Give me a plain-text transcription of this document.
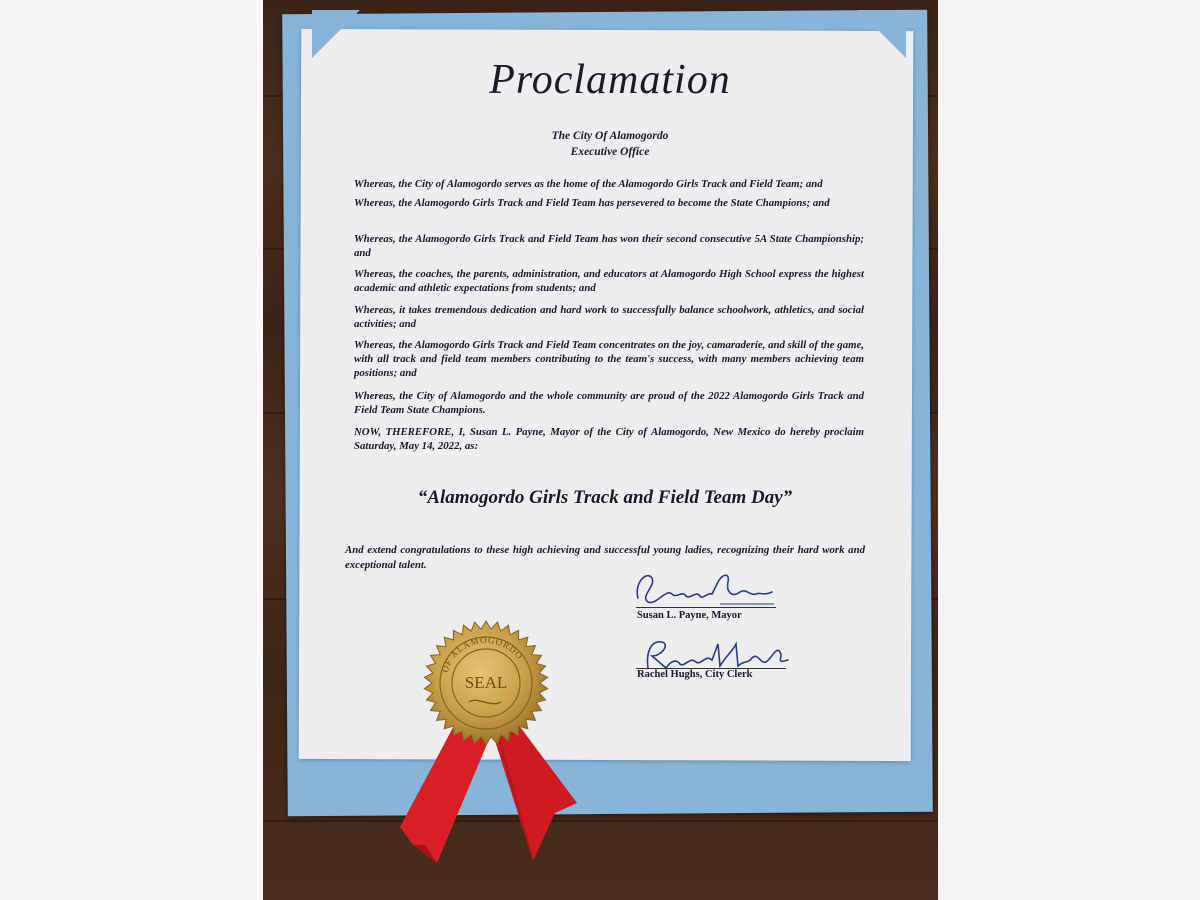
Proclamation
The City Of Alamogordo
Executive Office
Whereas, the City of Alamogordo serves as the home of the Alamogordo Girls Track and Field Team; and
Whereas, the Alamogordo Girls Track and Field Team has persevered to become the State Champions; and
Whereas, the Alamogordo Girls Track and Field Team has won their second consecutive 5A State Championship; and
Whereas, the coaches, the parents, administration, and educators at Alamogordo High School express the highest academic and athletic expectations from students; and
Whereas, it takes tremendous dedication and hard work to successfully balance schoolwork, athletics, and social activities; and
Whereas, the Alamogordo Girls Track and Field Team concentrates on the joy, camaraderie, and skill of the game, with all track and field team members contributing to the team's success, with many members achieving team positions; and
Whereas, the City of Alamogordo and the whole community are proud of the 2022 Alamogordo Girls Track and Field Team State Champions.
NOW, THEREFORE, I, Susan L. Payne, Mayor of the City of Alamogordo, New Mexico do hereby proclaim Saturday, May 14, 2022, as:
“Alamogordo Girls Track and Field Team Day”
And extend congratulations to these high achieving and successful young ladies, recognizing their hard work and exceptional talent.
Susan L. Payne, Mayor
Rachel Hughs, City Clerk
OF ALAMOGORDO
SEAL
